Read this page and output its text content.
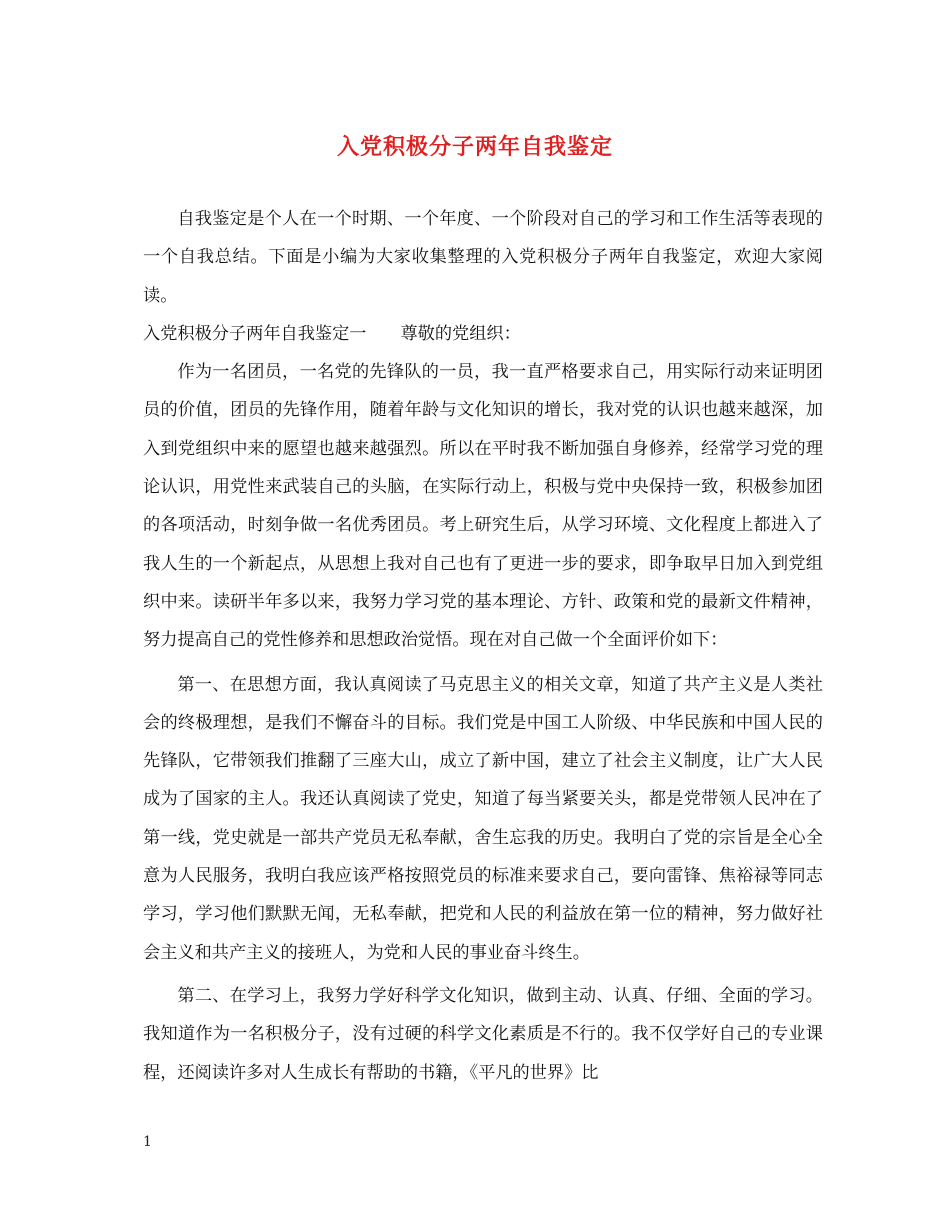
入党积极分子两年自我鉴定

自我鉴定是个人在一个时期、一个年度、一个阶段对自己的学习和工作生活等表现的一个自我总结。下面是小编为大家收集整理的入党积极分子两年自我鉴定，欢迎大家阅读。

入党积极分子两年自我鉴定一 尊敬的党组织：

作为一名团员，一名党的先锋队的一员，我一直严格要求自己，用实际行动来证明团员的价值，团员的先锋作用，随着年龄与文化知识的增长，我对党的认识也越来越深，加入到党组织中来的愿望也越来越强烈。所以在平时我不断加强自身修养，经常学习党的理论认识，用党性来武装自己的头脑，在实际行动上，积极与党中央保持一致，积极参加团的各项活动，时刻争做一名优秀团员。考上研究生后，从学习环境、文化程度上都进入了我人生的一个新起点，从思想上我对自己也有了更进一步的要求，即争取早日加入到党组织中来。读研半年多以来，我努力学习党的基本理论、方针、政策和党的最新文件精神，努力提高自己的党性修养和思想政治觉悟。现在对自己做一个全面评价如下：

第一、在思想方面，我认真阅读了马克思主义的相关文章，知道了共产主义是人类社会的终极理想，是我们不懈奋斗的目标。我们党是中国工人阶级、中华民族和中国人民的先锋队，它带领我们推翻了三座大山，成立了新中国，建立了社会主义制度，让广大人民成为了国家的主人。我还认真阅读了党史，知道了每当紧要关头，都是党带领人民冲在了第一线，党史就是一部共产党员无私奉献，舍生忘我的历史。我明白了党的宗旨是全心全意为人民服务，我明白我应该严格按照党员的标准来要求自己，要向雷锋、焦裕禄等同志学习，学习他们默默无闻，无私奉献，把党和人民的利益放在第一位的精神，努力做好社会主义和共产主义的接班人，为党和人民的事业奋斗终生。

第二、在学习上，我努力学好科学文化知识，做到主动、认真、仔细、全面的学习。我知道作为一名积极分子，没有过硬的科学文化素质是不行的。我不仅学好自己的专业课程，还阅读许多对人生成长有帮助的书籍，《平凡的世界》比

1
